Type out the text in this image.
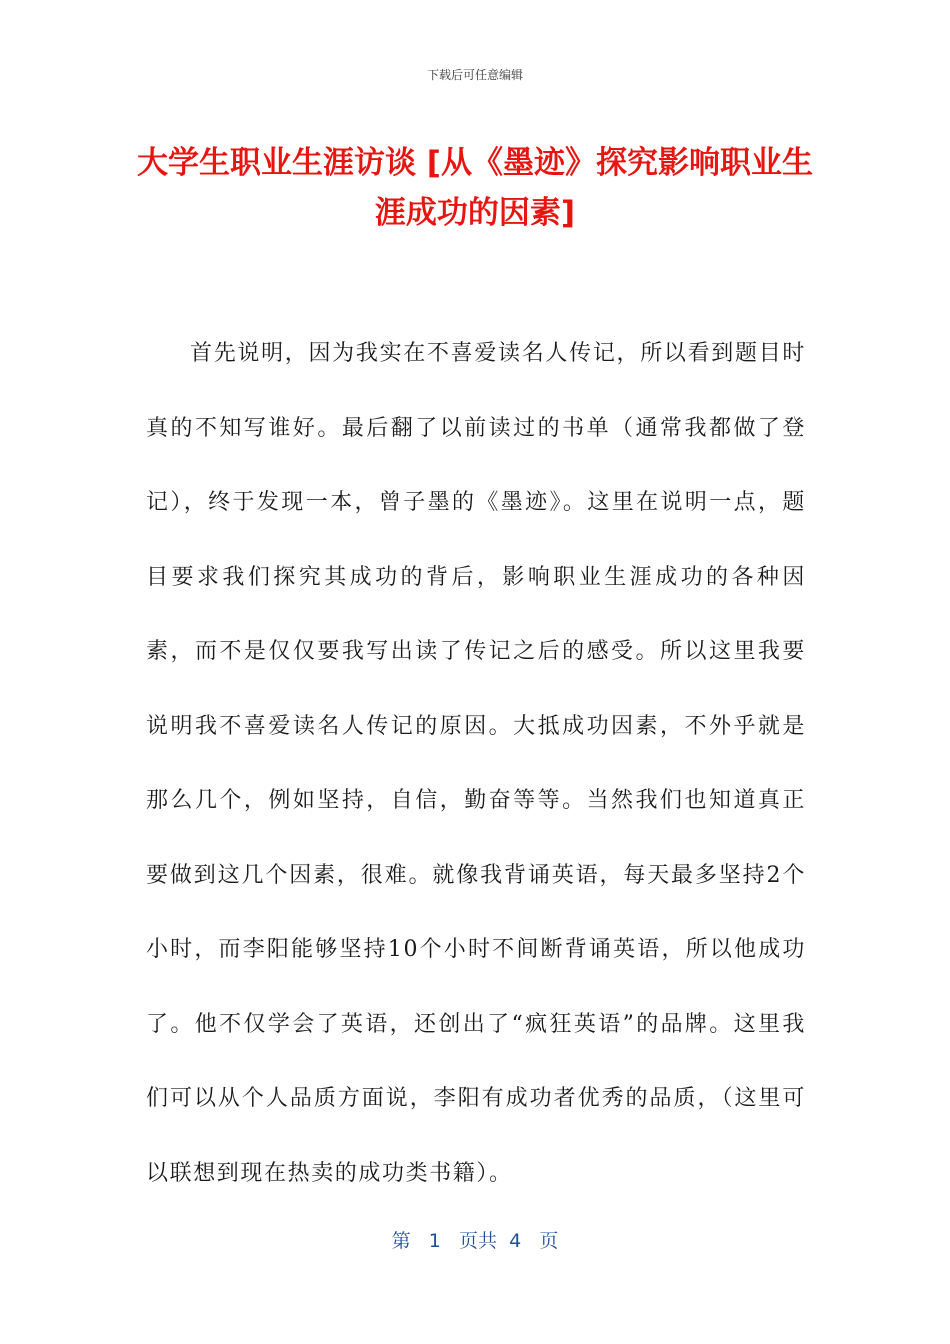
下载后可任意编辑
大学生职业生涯访谈 [从《墨迹》探究影响职业生涯成功的因素]

首先说明，因为我实在不喜爱读名人传记，所以看到题目时真的不知写谁好。最后翻了以前读过的书单（通常我都做了登记），终于发现一本，曾子墨的《墨迹》。这里在说明一点，题目要求我们探究其成功的背后，影响职业生涯成功的各种因素，而不是仅仅要我写出读了传记之后的感受。所以这里我要说明我不喜爱读名人传记的原因。大抵成功因素，不外乎就是那么几个，例如坚持，自信，勤奋等等。当然我们也知道真正要做到这几个因素，很难。就像我背诵英语，每天最多坚持2个小时，而李阳能够坚持10个小时不间断背诵英语，所以他成功了。他不仅学会了英语，还创出了“疯狂英语”的品牌。这里我们可以从个人品质方面说，李阳有成功者优秀的品质，（这里可以联想到现在热卖的成功类书籍）。

第 1 页共 4 页
